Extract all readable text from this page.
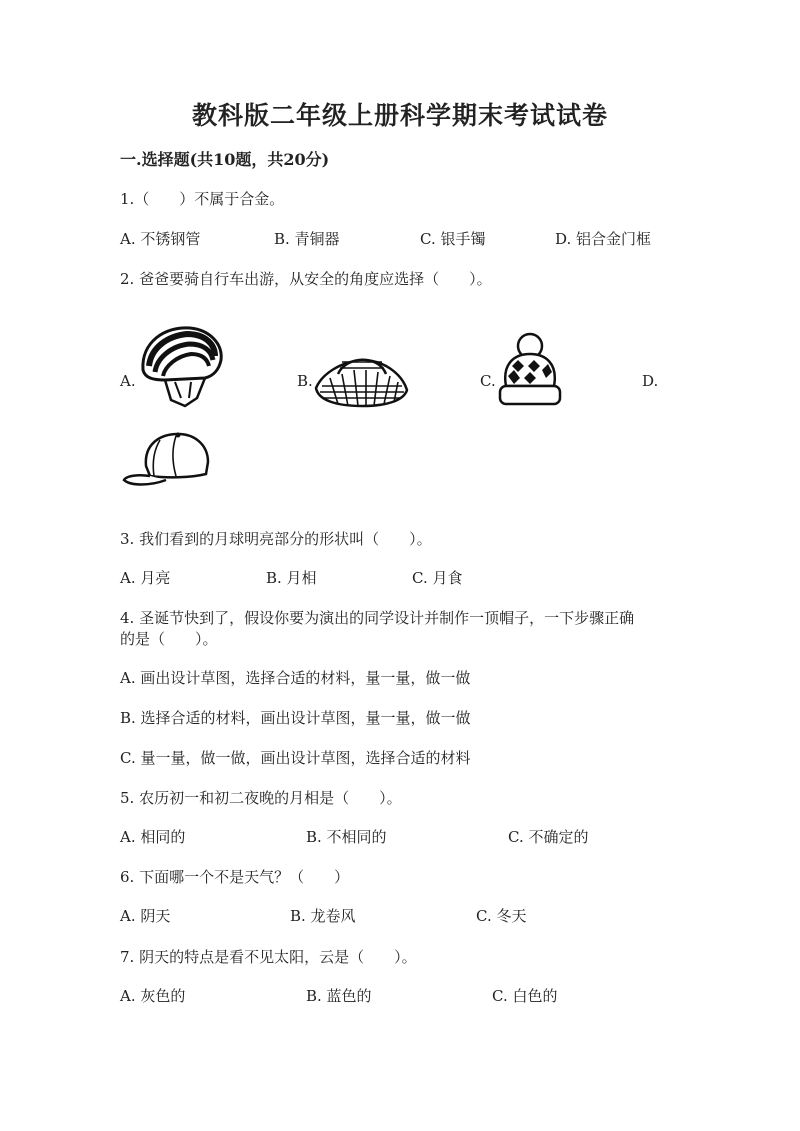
教科版二年级上册科学期末考试试卷
一.选择题(共10题，共20分)
1.（　　）不属于合金。
A. 不锈钢管	B. 青铜器	C. 银手镯	D. 铝合金门框
2. 爸爸要骑自行车出游，从安全的角度应选择（　　）。
A.	B.	C.	D.
3. 我们看到的月球明亮部分的形状叫（　　）。
A. 月亮	B. 月相	C. 月食
4. 圣诞节快到了，假设你要为演出的同学设计并制作一顶帽子，一下步骤正确
的是（　　）。
A. 画出设计草图，选择合适的材料，量一量，做一做
B. 选择合适的材料，画出设计草图，量一量，做一做
C. 量一量，做一做，画出设计草图，选择合适的材料
5. 农历初一和初二夜晚的月相是（　　）。
A. 相同的	B. 不相同的	C. 不确定的
6. 下面哪一个不是天气？（　　）
A. 阴天	B. 龙卷风	C. 冬天
7. 阴天的特点是看不见太阳，云是（　　）。
A. 灰色的	B. 蓝色的	C. 白色的
